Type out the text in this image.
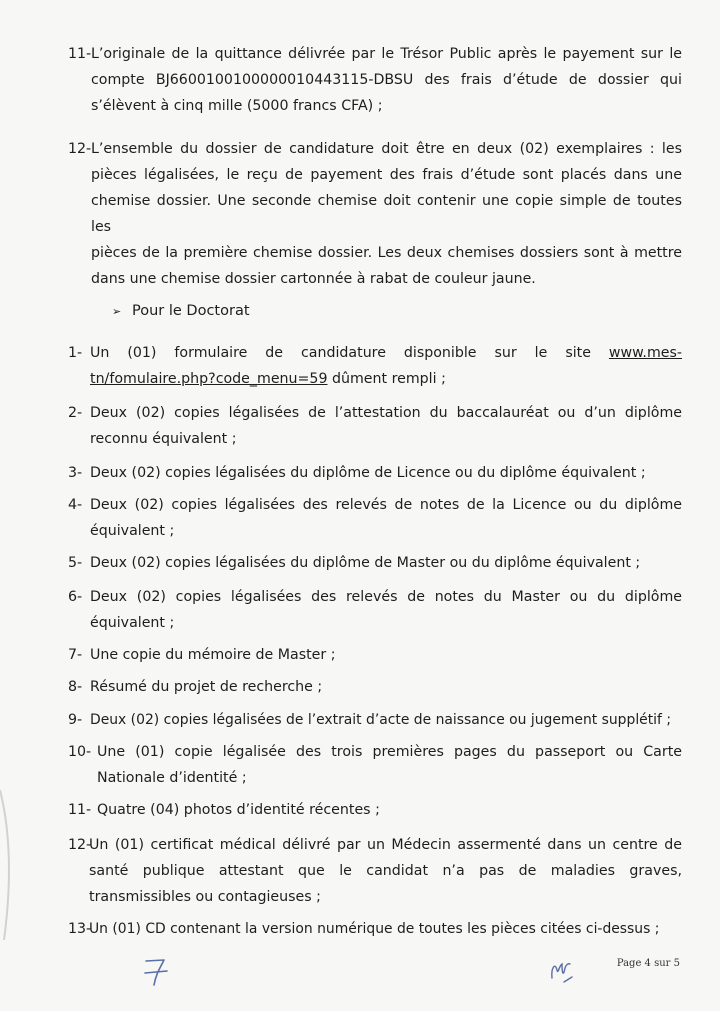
11- L’originale de la quittance délivrée par le Trésor Public après le payement sur le
compte BJ6600100100000010443115-DBSU des frais d’étude de dossier qui
s’élèvent à cinq mille (5000 francs CFA) ;
12- L’ensemble du dossier de candidature doit être en deux (02) exemplaires : les
pièces légalisées, le reçu de payement des frais d’étude sont placés dans une
chemise dossier. Une seconde chemise doit contenir une copie simple de toutes les
pièces de la première chemise dossier. Les deux chemises dossiers sont à mettre
dans une chemise dossier cartonnée à rabat de couleur jaune.
➢ Pour le Doctorat
1- Un (01) formulaire de candidature disponible sur le site www.mes-
tn/fomulaire.php?code_menu=59 dûment rempli ;
2- Deux (02) copies légalisées de l’attestation du baccalauréat ou d’un diplôme
reconnu équivalent ;
3- Deux (02) copies légalisées du diplôme de Licence ou du diplôme équivalent ;
4- Deux (02) copies légalisées des relevés de notes de la Licence ou du diplôme
équivalent ;
5- Deux (02) copies légalisées du diplôme de Master ou du diplôme équivalent ;
6- Deux (02) copies légalisées des relevés de notes du Master ou du diplôme
équivalent ;
7- Une copie du mémoire de Master ;
8- Résumé du projet de recherche ;
9- Deux (02) copies légalisées de l’extrait d’acte de naissance ou jugement supplétif ;
10- Une (01) copie légalisée des trois premières pages du passeport ou Carte
Nationale d’identité ;
11- Quatre (04) photos d’identité récentes ;
12-
Un (01) certificat médical délivré par un Médecin assermenté dans un centre de
santé publique attestant que le candidat n’a pas de maladies graves,
transmissibles ou contagieuses ;
13-
Un (01) CD contenant la version numérique de toutes les pièces citées ci-dessus ;
Page 4 sur 5
